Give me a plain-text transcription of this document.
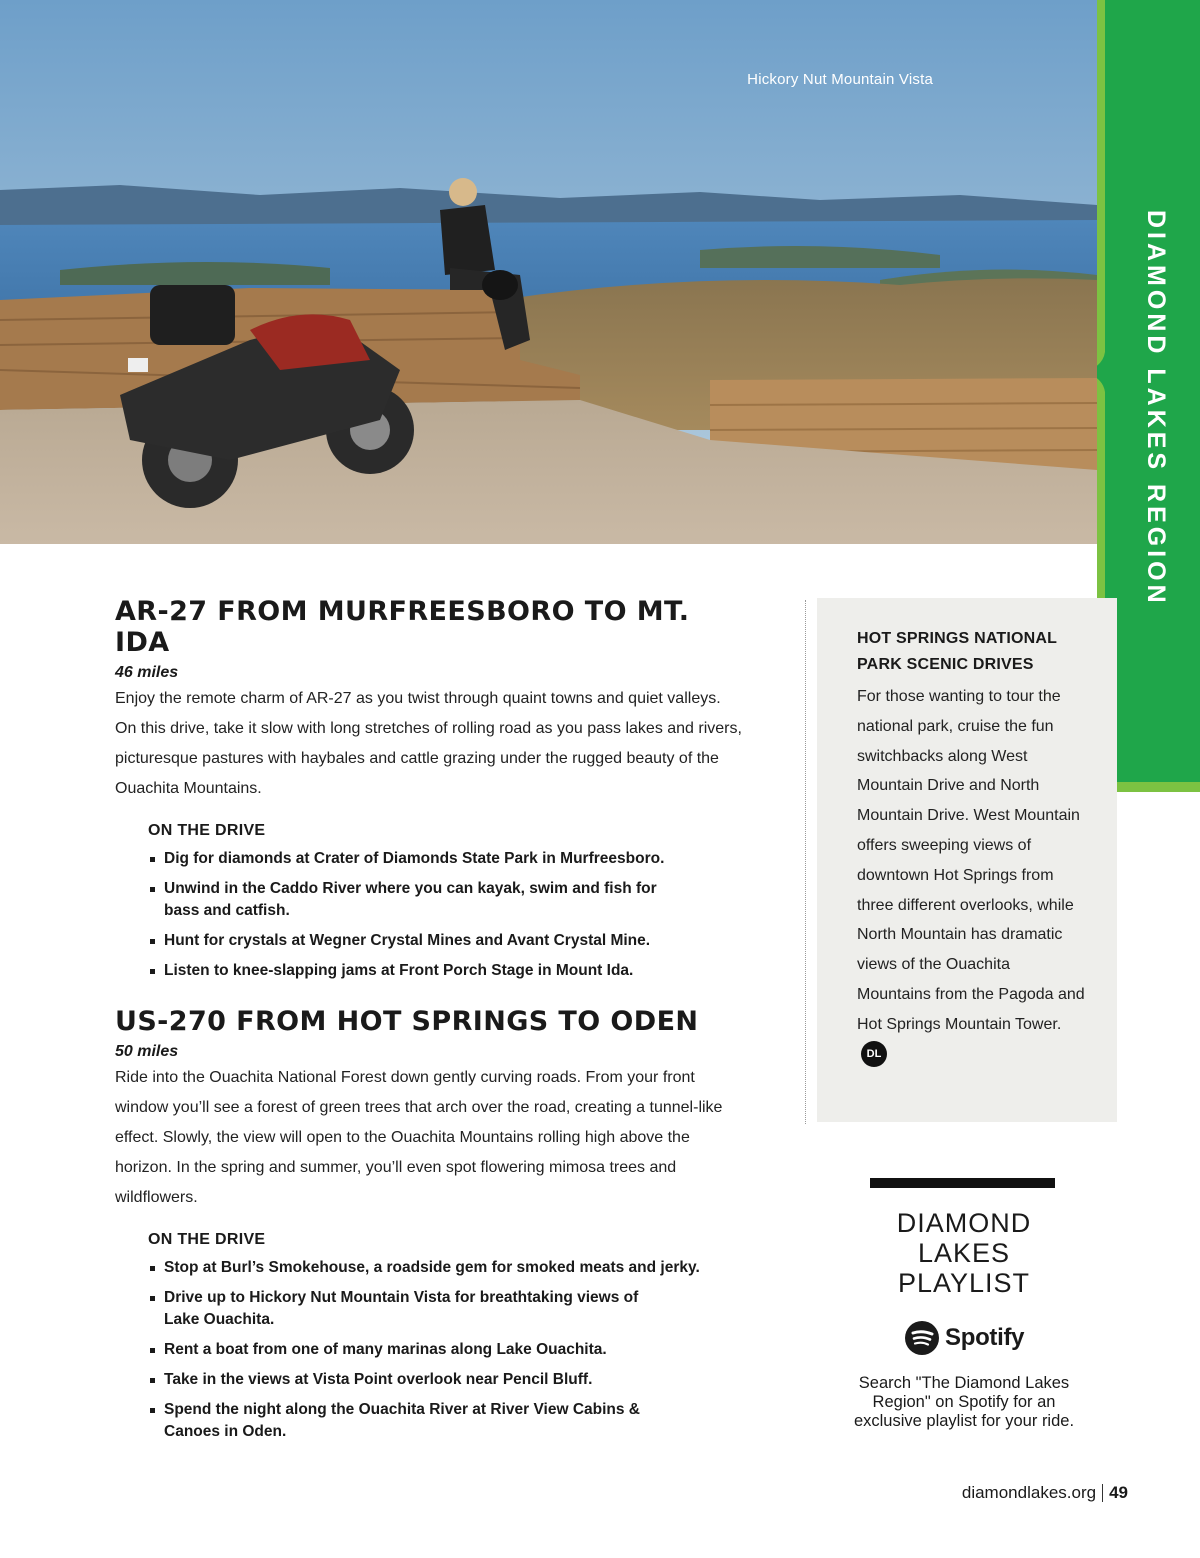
Hickory Nut Mountain Vista
DIAMOND LAKES REGION
AR-27 FROM MURFREESBORO TO MT. IDA
46 miles

Enjoy the remote charm of AR-27 as you twist through quaint towns and quiet valleys. On this drive, take it slow with long stretches of rolling road as you pass lakes and rivers, picturesque pastures with haybales and cattle grazing under the rugged beauty of the Ouachita Mountains.

ON THE DRIVE
Dig for diamonds at Crater of Diamonds State Park in Murfreesboro.
Unwind in the Caddo River where you can kayak, swim and fish for bass and catfish.
Hunt for crystals at Wegner Crystal Mines and Avant Crystal Mine.
Listen to knee-slapping jams at Front Porch Stage in Mount Ida.
US-270 FROM HOT SPRINGS TO ODEN
50 miles

Ride into the Ouachita National Forest down gently curving roads. From your front window you’ll see a forest of green trees that arch over the road, creating a tunnel-like effect. Slowly, the view will open to the Ouachita Mountains rolling high above the horizon. In the spring and summer, you’ll even spot flowering mimosa trees and wildflowers.

ON THE DRIVE
Stop at Burl’s Smokehouse, a roadside gem for smoked meats and jerky.
Drive up to Hickory Nut Mountain Vista for breathtaking views of Lake Ouachita.
Rent a boat from one of many marinas along Lake Ouachita.
Take in the views at Vista Point overlook near Pencil Bluff.
Spend the night along the Ouachita River at River View Cabins & Canoes in Oden.
HOT SPRINGS NATIONAL PARK SCENIC DRIVES

For those wanting to tour the national park, cruise the fun switchbacks along West Mountain Drive and North Mountain Drive. West Mountain offers sweeping views of downtown Hot Springs from three different overlooks, while North Mountain has dramatic views of the Ouachita Mountains from the Pagoda and Hot Springs Mountain Tower. DL

DIAMOND LAKES PLAYLIST
Spotify
Search "The Diamond Lakes Region" on Spotify for an exclusive playlist for your ride.
diamondlakes.org 49
